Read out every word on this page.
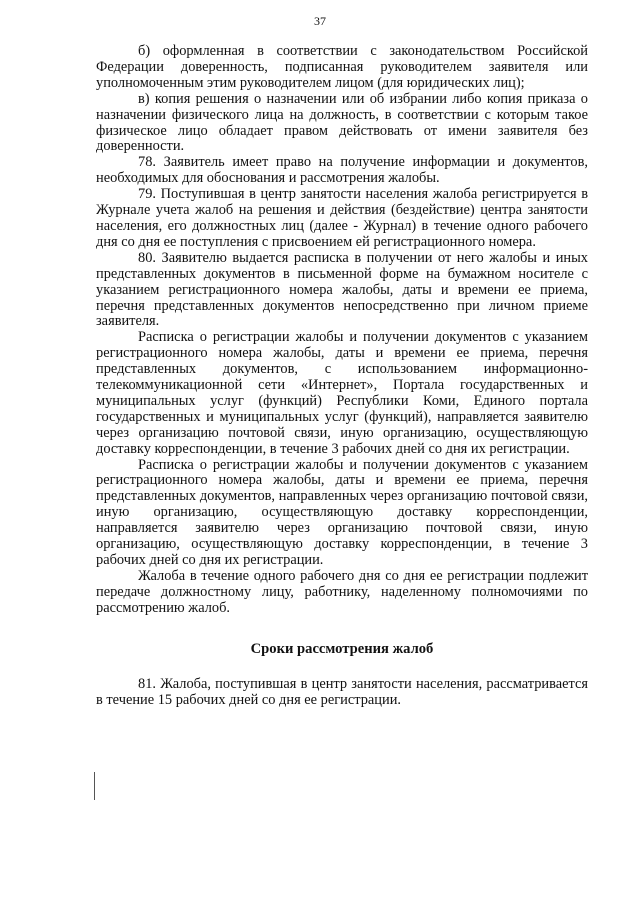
37

б) оформленная в соответствии с законодательством Российской Федерации доверенность, подписанная руководителем заявителя или уполномоченным этим руководителем лицом (для юридических лиц);

в) копия решения о назначении или об избрании либо копия приказа о назначении физического лица на должность, в соответствии с которым такое физическое лицо обладает правом действовать от имени заявителя без доверенности.

78. Заявитель имеет право на получение информации и документов, необходимых для обоснования и рассмотрения жалобы.

79. Поступившая в центр занятости населения жалоба регистрируется в Журнале учета жалоб на решения и действия (бездействие) центра занятости населения, его должностных лиц (далее - Журнал) в течение одного рабочего дня со дня ее поступления с присвоением ей регистрационного номера.

80. Заявителю выдается расписка в получении от него жалобы и иных представленных документов в письменной форме на бумажном носителе с указанием регистрационного номера жалобы, даты и времени ее приема, перечня представленных документов непосредственно при личном приеме заявителя.

Расписка о регистрации жалобы и получении документов с указанием регистрационного номера жалобы, даты и времени ее приема, перечня представленных документов, с использованием информационно-телекоммуникационной сети «Интернет», Портала государственных и муниципальных услуг (функций) Республики Коми, Единого портала государственных и муниципальных услуг (функций), направляется заявителю через организацию почтовой связи, иную организацию, осуществляющую доставку корреспонденции, в течение 3 рабочих дней со дня их регистрации.

Расписка о регистрации жалобы и получении документов с указанием регистрационного номера жалобы, даты и времени ее приема, перечня представленных документов, направленных через организацию почтовой связи, иную организацию, осуществляющую доставку корреспонденции, направляется заявителю через организацию почтовой связи, иную организацию, осуществляющую доставку корреспонденции, в течение 3 рабочих дней со дня их регистрации.

Жалоба в течение одного рабочего дня со дня ее регистрации подлежит передаче должностному лицу, работнику, наделенному полномочиями по рассмотрению жалоб.

Сроки рассмотрения жалоб

81. Жалоба, поступившая в центр занятости населения, рассматривается в течение 15 рабочих дней со дня ее регистрации.
